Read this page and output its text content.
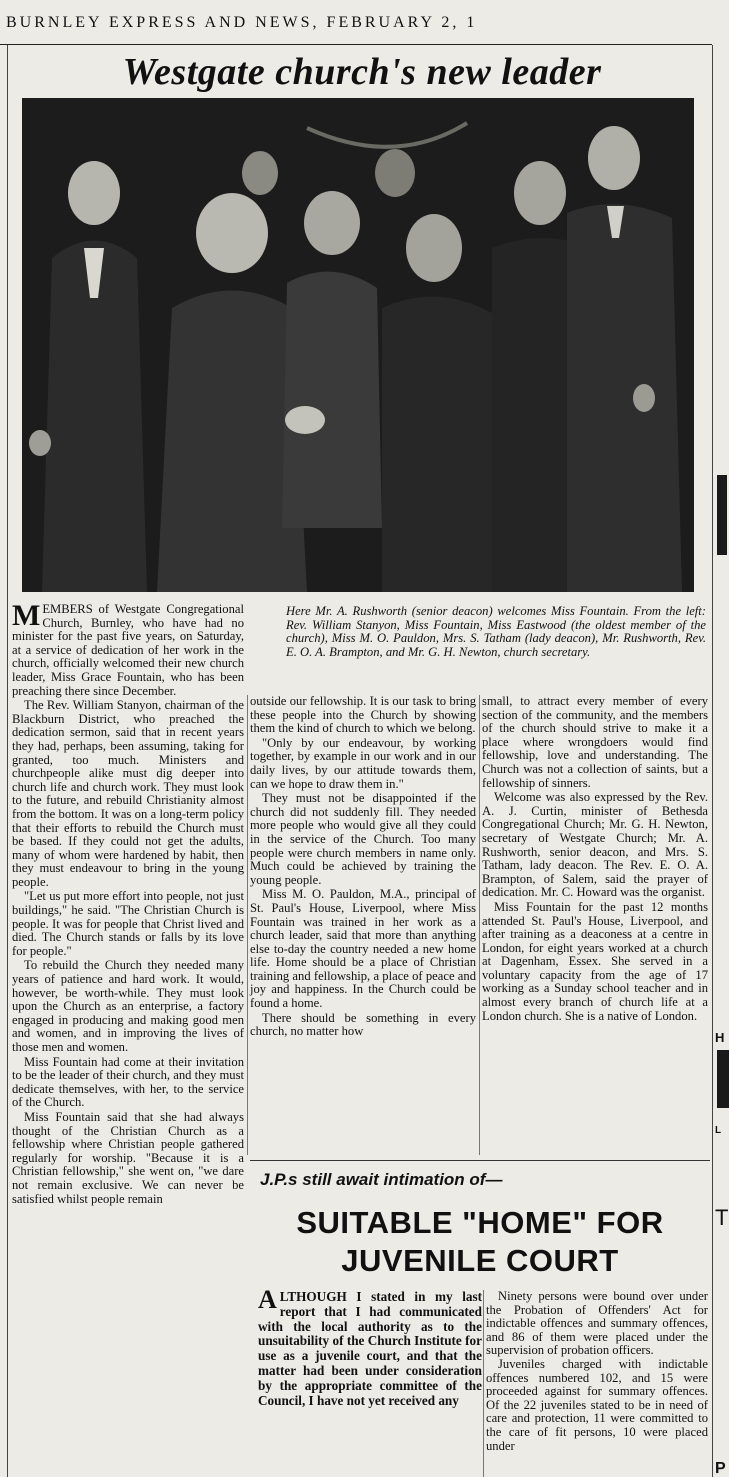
BURNLEY EXPRESS AND NEWS, FEBRUARY 2, 1
H
L
T
P
Westgate church's new leader
Here Mr. A. Rushworth (senior deacon) welcomes Miss Fountain. From the left: Rev. William Stanyon, Miss Fountain, Miss Eastwood (the oldest member of the church), Miss M. O. Pauldon, Mrs. S. Tatham (lady deacon), Mr. Rushworth, Rev. E. O. A. Brampton, and Mr. G. H. Newton, church secretary.

MEMBERS of Westgate Congregational Church, Burnley, who have had no minister for the past five years, on Saturday, at a service of dedication of her work in the church, officially welcomed their new church leader, Miss Grace Fountain, who has been preaching there since December.

The Rev. William Stanyon, chairman of the Blackburn District, who preached the dedication sermon, said that in recent years they had, perhaps, been assuming, taking for granted, too much. Ministers and churchpeople alike must dig deeper into church life and church work. They must look to the future, and rebuild Christianity almost from the bottom. It was on a long-term policy that their efforts to rebuild the Church must be based. If they could not get the adults, many of whom were hardened by habit, then they must endeavour to bring in the young people.

"Let us put more effort into people, not just buildings," he said. "The Christian Church is people. It was for people that Christ lived and died. The Church stands or falls by its love for people."

To rebuild the Church they needed many years of patience and hard work. It would, however, be worth-while. They must look upon the Church as an enterprise, a factory engaged in producing and making good men and women, and in improving the lives of those men and women.

Miss Fountain had come at their invitation to be the leader of their church, and they must dedicate themselves, with her, to the service of the Church.

Miss Fountain said that she had always thought of the Christian Church as a fellowship where Christian people gathered regularly for worship. "Because it is a Christian fellowship," she went on, "we dare not remain exclusive. We can never be satisfied whilst people remain

outside our fellowship. It is our task to bring these people into the Church by showing them the kind of church to which we belong.

"Only by our endeavour, by working together, by example in our work and in our daily lives, by our attitude towards them, can we hope to draw them in."

They must not be disappointed if the church did not suddenly fill. They needed more people who would give all they could in the service of the Church. Too many people were church members in name only. Much could be achieved by training the young people.

Miss M. O. Pauldon, M.A., principal of St. Paul's House, Liverpool, where Miss Fountain was trained in her work as a church leader, said that more than anything else to-day the country needed a new home life. Home should be a place of Christian training and fellowship, a place of peace and joy and happiness. In the Church could be found a home.

There should be something in every church, no matter how

small, to attract every member of every section of the community, and the members of the church should strive to make it a place where wrongdoers would find fellowship, love and understanding. The Church was not a collection of saints, but a fellowship of sinners.

Welcome was also expressed by the Rev. A. J. Curtin, minister of Bethesda Congregational Church; Mr. G. H. Newton, secretary of Westgate Church; Mr. A. Rushworth, senior deacon, and Mrs. S. Tatham, lady deacon. The Rev. E. O. A. Brampton, of Salem, said the prayer of dedication. Mr. C. Howard was the organist.

Miss Fountain for the past 12 months attended St. Paul's House, Liverpool, and after training as a deaconess at a centre in London, for eight years worked at a church at Dagenham, Essex. She served in a voluntary capacity from the age of 17 working as a Sunday school teacher and in almost every branch of church life at a London church. She is a native of London.

J.P.s still await intimation of—
SUITABLE "HOME" FOR
JUVENILE COURT
ALTHOUGH I stated in my last report that I had communicated with the local authority as to the unsuitability of the Church Institute for use as a juvenile court, and that the matter had been under consideration by the appropriate committee of the Council, I have not yet received any

Ninety persons were bound over under the Probation of Offenders' Act for indictable offences and summary offences, and 86 of them were placed under the supervision of probation officers.

Juveniles charged with indictable offences numbered 102, and 15 were proceeded against for summary offences. Of the 22 juveniles stated to be in need of care and protection, 11 were committed to the care of fit persons, 10 were placed under
